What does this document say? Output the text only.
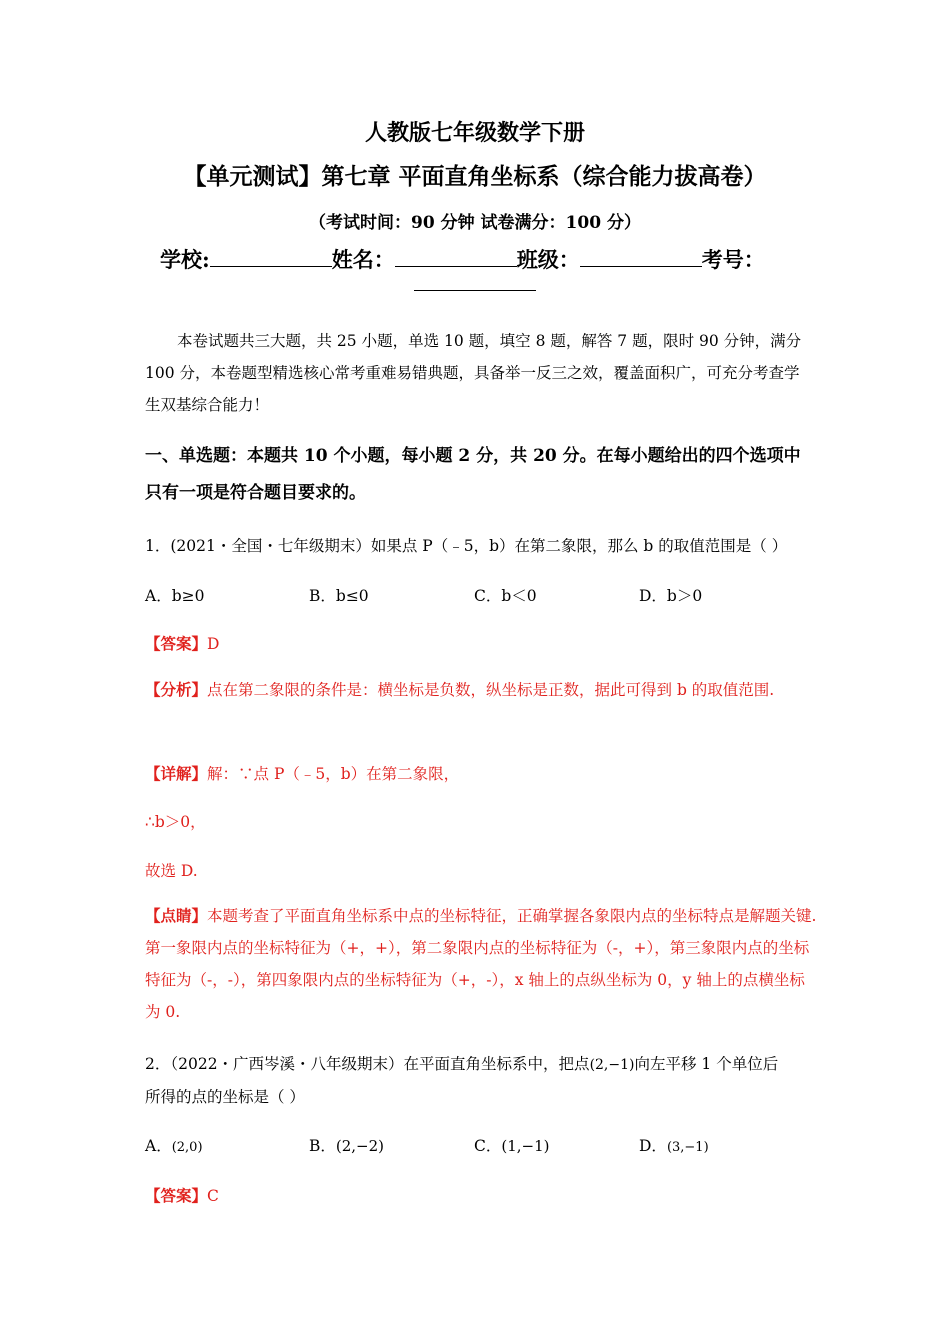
人教版七年级数学下册
【单元测试】第七章 平面直角坐标系（综合能力拔高卷）
（考试时间：90 分钟 试卷满分：100 分）
学校:	姓名：	班级：	考号：
本卷试题共三大题，共 25 小题，单选 10 题，填空 8 题，解答 7 题，限时 90 分钟，满分 100 分，本卷题型精选核心常考重难易错典题，具备举一反三之效，覆盖面积广，可充分考查学生双基综合能力！
一、单选题：本题共 10 个小题，每小题 2 分，共 20 分。在每小题给出的四个选项中只有一项是符合题目要求的。
1．(2021・全国・七年级期末）如果点 P（﹣5，b）在第二象限，那么 b 的取值范围是（ ）
A．b≥0	B．b≤0	C．b＜0	D．b＞0
【答案】D
【分析】点在第二象限的条件是：横坐标是负数，纵坐标是正数，据此可得到 b 的取值范围.
【详解】解：∵点 P（﹣5，b）在第二象限，
∴b＞0，
故选 D.
【点睛】本题考查了平面直角坐标系中点的坐标特征，正确掌握各象限内点的坐标特点是解题关键. 第一象限内点的坐标特征为（+，+），第二象限内点的坐标特征为（-，+），第三象限内点的坐标特征为（-，-），第四象限内点的坐标特征为（+，-），x 轴上的点纵坐标为 0，y 轴上的点横坐标为 0.
2．（2022・广西岑溪・八年级期末）在平面直角坐标系中，把点(2,−1)向左平移 1 个单位后
所得的点的坐标是（ ）
A．(2,0)	B．(2,−2)	C．(1,−1)	D．(3,−1)
【答案】C
